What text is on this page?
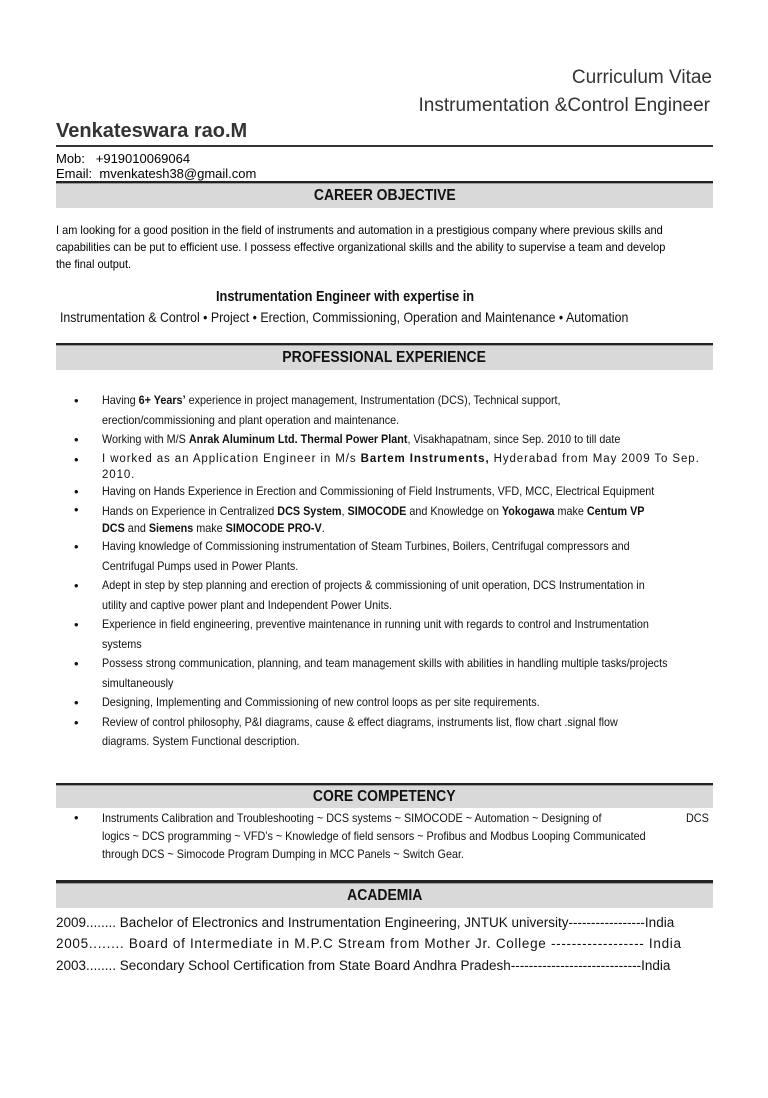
Curriculum Vitae
Instrumentation &Control Engineer
Venkateswara rao.M
Mob: +919010069064
Email: mvenkatesh38@gmail.com
CAREER OBJECTIVE
I am looking for a good position in the field of instruments and automation in a prestigious company where previous skills and
capabilities can be put to efficient use. I possess effective organizational skills and the ability to supervise a team and develop
the final output.
Instrumentation Engineer with expertise in
Instrumentation & Control • Project • Erection, Commissioning, Operation and Maintenance • Automation
PROFESSIONAL EXPERIENCE
• Having 6+ Years’ experience in project management, Instrumentation (DCS), Technical support,
erection/commissioning and plant operation and maintenance.
• Working with M/S Anrak Aluminum Ltd. Thermal Power Plant, Visakhapatnam, since Sep. 2010 to till date
• I worked as an Application Engineer in M/s Bartem Instruments, Hyderabad from May 2009 To Sep.
2010.
• Having on Hands Experience in Erection and Commissioning of Field Instruments, VFD, MCC, Electrical Equipment
• Hands on Experience in Centralized DCS System, SIMOCODE and Knowledge on Yokogawa make Centum VP
DCS and Siemens make SIMOCODE PRO-V.
• Having knowledge of Commissioning instrumentation of Steam Turbines, Boilers, Centrifugal compressors and
Centrifugal Pumps used in Power Plants.
• Adept in step by step planning and erection of projects & commissioning of unit operation, DCS Instrumentation in
utility and captive power plant and Independent Power Units.
• Experience in field engineering, preventive maintenance in running unit with regards to control and Instrumentation
systems
• Possess strong communication, planning, and team management skills with abilities in handling multiple tasks/projects
simultaneously
• Designing, Implementing and Commissioning of new control loops as per site requirements.
• Review of control philosophy, P&I diagrams, cause & effect diagrams, instruments list, flow chart .signal flow
diagrams. System Functional description.
CORE COMPETENCY
• Instruments Calibration and Troubleshooting ~ DCS systems ~ SIMOCODE ~ Automation ~ Designing of	DCS
logics ~ DCS programming ~ VFD’s ~ Knowledge of field sensors ~ Profibus and Modbus Looping Communicated
through DCS ~ Simocode Program Dumping in MCC Panels ~ Switch Gear.
ACADEMIA
2009........ Bachelor of Electronics and Instrumentation Engineering, JNTUK university-----------------India
2005........ Board of Intermediate in M.P.C Stream from Mother Jr. College ------------------ India
2003........ Secondary School Certification from State Board Andhra Pradesh-----------------------------India
